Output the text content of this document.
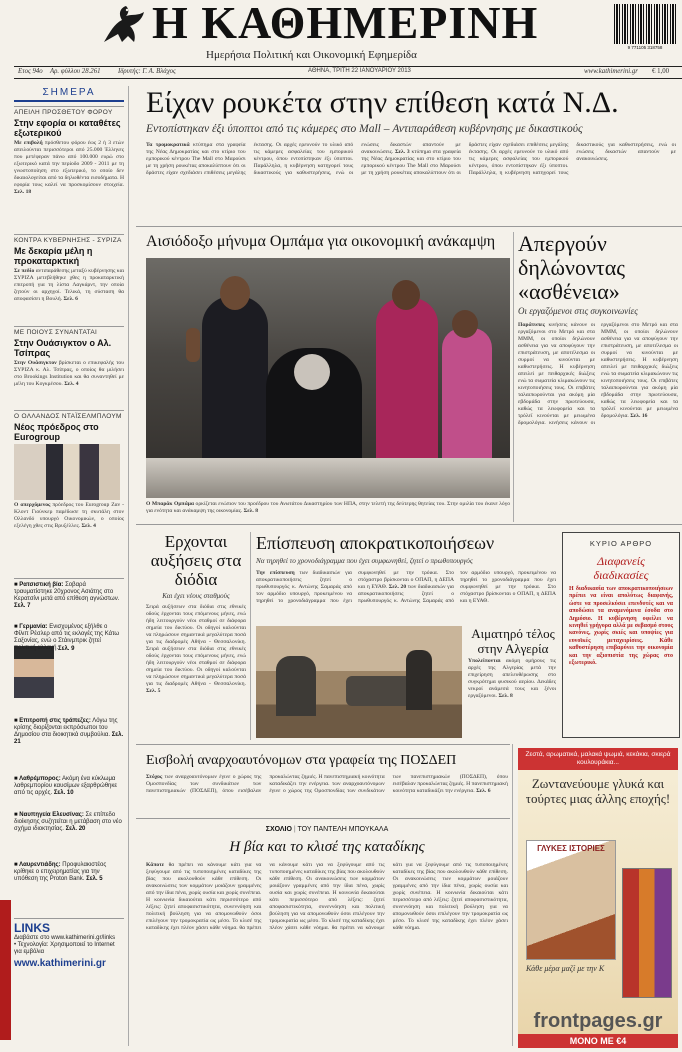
Η ΚΑΘΗΜΕΡΙΝΗ
Ημερήσια Πολιτική και Οικονομική Εφημερίδα
9 771105 318758
Ετος 94ο Αρ. φύλλου 28.261	Ιδρυτής: Γ. Α. Βλάχος	ΑΘΗΝΑ, ΤΡΙΤΗ 22 ΙΑΝΟΥΑΡΙΟΥ 2013	www.kathimerini.gr € 1,00
ΣΗΜΕΡΑ
ΑΠΕΙΛΗ ΠΡΟΣΘΕΤΟΥ ΦΟΡΟΥ
Στην εφορία οι καταθέτες εξωτερικού
Με επιβολή πρόσθετου φόρου έως 2 ή 3 ετών απειλούνται περισσότεροι από 25.000 Έλληνες που μετέφεραν πάνω από 100.000 ευρώ στο εξωτερικό κατά την περίοδο 2009 - 2011 με τη γνωστοποίηση στο εξωτερικό, το οποίο δεν δικαιολογείται από τα δηλωθέντα εισοδήματα. Η εφορία τους καλεί να προσκομίσουν στοιχεία. Σελ. 18
ΚΟΝΤΡΑ ΚΥΒΕΡΝΗΣΗΣ - ΣΥΡΙΖΑ
Με δεκαρία μέλη η προκαταρκτική
Σε πεδίο αντιπαράθεσης μεταξύ κυβέρνησης και ΣΥΡΙΖΑ μετεβλήθηκε χθες η προκαταρκτική επιτροπή για τη λίστα Λαγκάρντ, την οποία ζητούν οι αρχηγοί. Τελικά, τη σύσταση θα αποφασίσει η Βουλή. Σελ. 6
ΜΕ ΠΟΙΟΥΣ ΣΥΝΑΝΤΑΤΑΙ
Στην Ουάσιγκτον ο Αλ. Τσίπρας
Στην Ουάσιγκτον βρίσκεται ο επικεφαλής του ΣΥΡΙΖΑ κ. Αλ. Τσίπρας, ο οποίος θα μιλήσει στο Brookings Institution και θα συναντηθεί με μέλη του Κογκρέσου. Σελ. 4
Ο ΟΛΛΑΝΔΟΣ ΝΤΑΪΣΕΛΜΠΛΟΥΜ
Νέος πρόεδρος στο Eurogroup
Ο απερχόμενος πρόεδρος του Eurogroup Ζαν - Κλοντ Γιούνκερ παρέδωσε τη σκυτάλη στον Ολλανδό υπουργό Οικονομικών, ο οποίος εξελέγη χθες στις Βρυξέλλες. Σελ. 4
■ Ρατσιστική βία: Σοβαρά τραυματίστηκε 20χρονος Ασιάτης στο Κερατσίνι μετά από επίθεση αγνώστων. Σελ. 7
■ Γερμανία: Ενισχυμένος εξήλθε ο Φίλιπ Ρέσλερ από τις εκλογές της Κάτω Σαξονίας, ενώ ο Στάινμπρικ ζητεί πολιτική αλλαγή. Σελ. 9
■ Επιτροπή στις τράπεζες: Λόγω της κρίσης διορίζονται εκπρόσωποι του Δημοσίου στα διοικητικά συμβούλια. Σελ. 21
■ Λαθρέμπορος: Ακόμη ένα κύκλωμα λαθρεμπορίου καυσίμων εξαρθρώθηκε από τις αρχές. Σελ. 10
■ Ναυπηγεία Ελευσίνας: Σε επίπεδο διοίκησης συζητείται η μετάβαση στο νέο σχήμα ιδιοκτησίας. Σελ. 20
■ Λαυρεντιάδης: Προφυλακιστέος κρίθηκε ο επιχειρηματίας για την υπόθεση της Proton Bank. Σελ. 5
LINKS
Διαβάστε στο www.kathimerini.gr/links
• Τεχνολογία: Χρησιμοποιεί το Internet για εμβόλια
www.kathimerini.gr
Είχαν ρουκέτα στην επίθεση κατά Ν.Δ.
Εντοπίστηκαν έξι ύποπτοι από τις κάμερες στο Mall – Αντιπαράθεση κυβέρνησης με δικαστικούς
Τα τρομοκρατικά κτύπημα στα γραφεία της Νέας Δημοκρατίας και στο κτίριο του εμπορικού κέντρου The Mall στο Μαρούσι με τη χρήση ρουκέτας αποκαλύπτουν ότι οι δράστες είχαν σχεδιάσει επιθέσεις μεγάλης έκτασης. Οι αρχές ερευνούν το υλικό από τις κάμερες ασφαλείας του εμπορικού κέντρου, όπου εντοπίστηκαν έξι ύποπτοι. Παράλληλα, η κυβέρνηση κατηγορεί τους δικαστικούς για καθυστερήσεις, ενώ οι ενώσεις δικαστών απαντούν με ανακοινώσεις. Σελ. 3 κτύπημα στα γραφεία της Νέας Δημοκρατίας και στο κτίριο του εμπορικού κέντρου The Mall στο Μαρούσι με τη χρήση ρουκέτας αποκαλύπτουν ότι οι δράστες είχαν σχεδιάσει επιθέσεις μεγάλης έκτασης. Οι αρχές ερευνούν το υλικό από τις κάμερες ασφαλείας του εμπορικού κέντρου, όπου εντοπίστηκαν έξι ύποπτοι. Παράλληλα, η κυβέρνηση κατηγορεί τους δικαστικούς για καθυστερήσεις, ενώ οι ενώσεις δικαστών απαντούν με ανακοινώσεις.
Αισιόδοξο μήνυμα Ομπάμα για οικονομική ανάκαμψη
Ο Μπαράκ Ομπάμα ορκίζεται ενώπιον του προέδρου του Ανωτάτου Δικαστηρίου των ΗΠΑ, στην τελετή της δεύτερης θητείας του. Στην ομιλία του έκανε λόγο για ενότητα και ανάκαμψη της οικονομίας. Σελ. 8
Απεργούν δηλώνοντας «ασθένεια»
Οι εργαζόμενοι στις συγκοινωνίες
Παράτυπες κινήσεις κάνουν οι εργαζόμενοι στο Μετρό και στα ΜΜΜ, οι οποίοι δηλώνουν ασθένεια για να αποφύγουν την επιστράτευση, με αποτέλεσμα οι συρμοί να κινούνται με καθυστερήσεις. Η κυβέρνηση απειλεί με πειθαρχικές διώξεις ενώ τα σωματεία κλιμακώνουν τις κινητοποιήσεις τους. Οι επιβάτες ταλαιπωρούνται για ακόμη μία εβδομάδα στην πρωτεύουσα, καθώς τα λεωφορεία και τα τρόλεϊ κινούνται με μειωμένα δρομολόγια. κινήσεις κάνουν οι εργαζόμενοι στο Μετρό και στα ΜΜΜ, οι οποίοι δηλώνουν ασθένεια για να αποφύγουν την επιστράτευση, με αποτέλεσμα οι συρμοί να κινούνται με καθυστερήσεις. Η κυβέρνηση απειλεί με πειθαρχικές διώξεις ενώ τα σωματεία κλιμακώνουν τις κινητοποιήσεις τους. Οι επιβάτες ταλαιπωρούνται για ακόμη μία εβδομάδα στην πρωτεύουσα, καθώς τα λεωφορεία και τα τρόλεϊ κινούνται με μειωμένα δρομολόγια. Σελ. 16
Ερχονται αυξήσεις στα διόδια
Και έχει νέους σταθμούς
Σειρά αυξήσεων στα διόδια στις εθνικές οδούς έρχονται τους επόμενους μήνες, ενώ ήδη λειτουργούν νέοι σταθμοί σε διάφορα σημεία του δικτύου. Οι οδηγοί καλούνται να πληρώσουν σημαντικά μεγαλύτερα ποσά για τις διαδρομές Αθήνα - Θεσσαλονίκη. Σειρά αυξήσεων στα διόδια στις εθνικές οδούς έρχονται τους επόμενους μήνες, ενώ ήδη λειτουργούν νέοι σταθμοί σε διάφορα σημεία του δικτύου. Οι οδηγοί καλούνται να πληρώσουν σημαντικά μεγαλύτερα ποσά για τις διαδρομές Αθήνα - Θεσσαλονίκη. Σελ. 5
Επίσπευση αποκρατικοποιήσεων
Να τηρηθεί το χρονοδιάγραμμα που έχει συμφωνηθεί, ζητεί ο πρωθυπουργός
Την επίσπευση των διαδικασιών για αποκρατικοποιήσεις ζητεί ο πρωθυπουργός κ. Αντώνης Σαμαράς από τον αρμόδιο υπουργό, προκειμένου να τηρηθεί το χρονοδιάγραμμα που έχει συμφωνηθεί με την τρόικα. Στο στόχαστρο βρίσκονται ο ΟΠΑΠ, η ΔΕΠΑ και η ΕΥΑΘ. Σελ. 20 των διαδικασιών για αποκρατικοποιήσεις ζητεί ο πρωθυπουργός κ. Αντώνης Σαμαράς από τον αρμόδιο υπουργό, προκειμένου να τηρηθεί το χρονοδιάγραμμα που έχει συμφωνηθεί με την τρόικα. Στο στόχαστρο βρίσκονται ο ΟΠΑΠ, η ΔΕΠΑ και η ΕΥΑΘ.
Αιματηρό τέλος στην Αλγερία
Υπολείπονται ακόμη ομήρους τις αρχές της Αλγερίας μετά την επιχείρηση απελευθέρωσης στο συγκρότημα φυσικού αερίου. Δεκάδες νεκροί ανάμεσά τους και ξένοι εργαζόμενοι. Σελ. 8
ΚΥΡΙΟ ΑΡΘΡΟ
Διαφανείς διαδικασίες
Η διαδικασία των αποκρατικοποιήσεων πρέπει να είναι απολύτως διαφανής, ώστε να προσελκύσει επενδυτές και να αποδώσει τα αναμενόμενα έσοδα στο Δημόσιο. Η κυβέρνηση οφείλει να κινηθεί γρήγορα αλλά με σεβασμό στους κανόνες, χωρίς σκιές και υποψίες για ευνοϊκές μεταχειρίσεις. Κάθε καθυστέρηση επιβαρύνει την οικονομία και την αξιοπιστία της χώρας στο εξωτερικό.
Εισβολή αναρχοαυτόνομων στα γραφεία της ΠΟΣΔΕΠ
Στόχος των αναρχοαυτόνομων έγινε ο χώρος της Ομοσπονδίας των συνδικάτων των πανεπιστημιακών (ΠΟΣΔΕΠ), όπου εισέβαλαν προκαλώντας ζημιές. Η πανεπιστημιακή κοινότητα καταδικάζει την ενέργεια. των αναρχοαυτόνομων έγινε ο χώρος της Ομοσπονδίας των συνδικάτων των πανεπιστημιακών (ΠΟΣΔΕΠ), όπου εισέβαλαν προκαλώντας ζημιές. Η πανεπιστημιακή κοινότητα καταδικάζει την ενέργεια. Σελ. 6
ΣΧΟΛΙΟ | ΤΟΥ ΠΑΝΤΕΛΗ ΜΠΟΥΚΑΛΑ
Η βία και το κλισέ της καταδίκης
Κάποτε θα πρέπει να κάνουμε κάτι για να ξεφύγουμε από τις τυποποιημένες καταδίκες της βίας που ακολουθούν κάθε επίθεση. Οι ανακοινώσεις των κομμάτων μοιάζουν γραμμένες από την ίδια πένα, χωρίς ουσία και χωρίς συνέπεια. Η κοινωνία δικαιούται κάτι περισσότερο από λέξεις: ζητεί αποφασιστικότητα, συνεννόηση και πολιτική βούληση για να απομονωθούν όσοι επιλέγουν την τρομοκρατία ως μέσο. Το κλισέ της καταδίκης έχει πλέον χάσει κάθε νόημα. θα πρέπει να κάνουμε κάτι για να ξεφύγουμε από τις τυποποιημένες καταδίκες της βίας που ακολουθούν κάθε επίθεση. Οι ανακοινώσεις των κομμάτων μοιάζουν γραμμένες από την ίδια πένα, χωρίς ουσία και χωρίς συνέπεια. Η κοινωνία δικαιούται κάτι περισσότερο από λέξεις: ζητεί αποφασιστικότητα, συνεννόηση και πολιτική βούληση για να απομονωθούν όσοι επιλέγουν την τρομοκρατία ως μέσο. Το κλισέ της καταδίκης έχει πλέον χάσει κάθε νόημα. θα πρέπει να κάνουμε κάτι για να ξεφύγουμε από τις τυποποιημένες καταδίκες της βίας που ακολουθούν κάθε επίθεση. Οι ανακοινώσεις των κομμάτων μοιάζουν γραμμένες από την ίδια πένα, χωρίς ουσία και χωρίς συνέπεια. Η κοινωνία δικαιούται κάτι περισσότερο από λέξεις: ζητεί αποφασιστικότητα, συνεννόηση και πολιτική βούληση για να απομονωθούν όσοι επιλέγουν την τρομοκρατία ως μέσο. Το κλισέ της καταδίκης έχει πλέον χάσει κάθε νόημα.
Ζεστά, αρωματικά, μαλακά ψωμιά, κεκάκια, σκιερά κουλουράκια...
Ζωντανεύουμε γλυκά και τούρτες μιας άλλης εποχής!
ΓΛΥΚΕΣ ΙΣΤΟΡΙΕΣ
Κάθε μέρα μαζί με την Κ
frontpages.gr
ΜΟΝΟ ΜΕ €4
